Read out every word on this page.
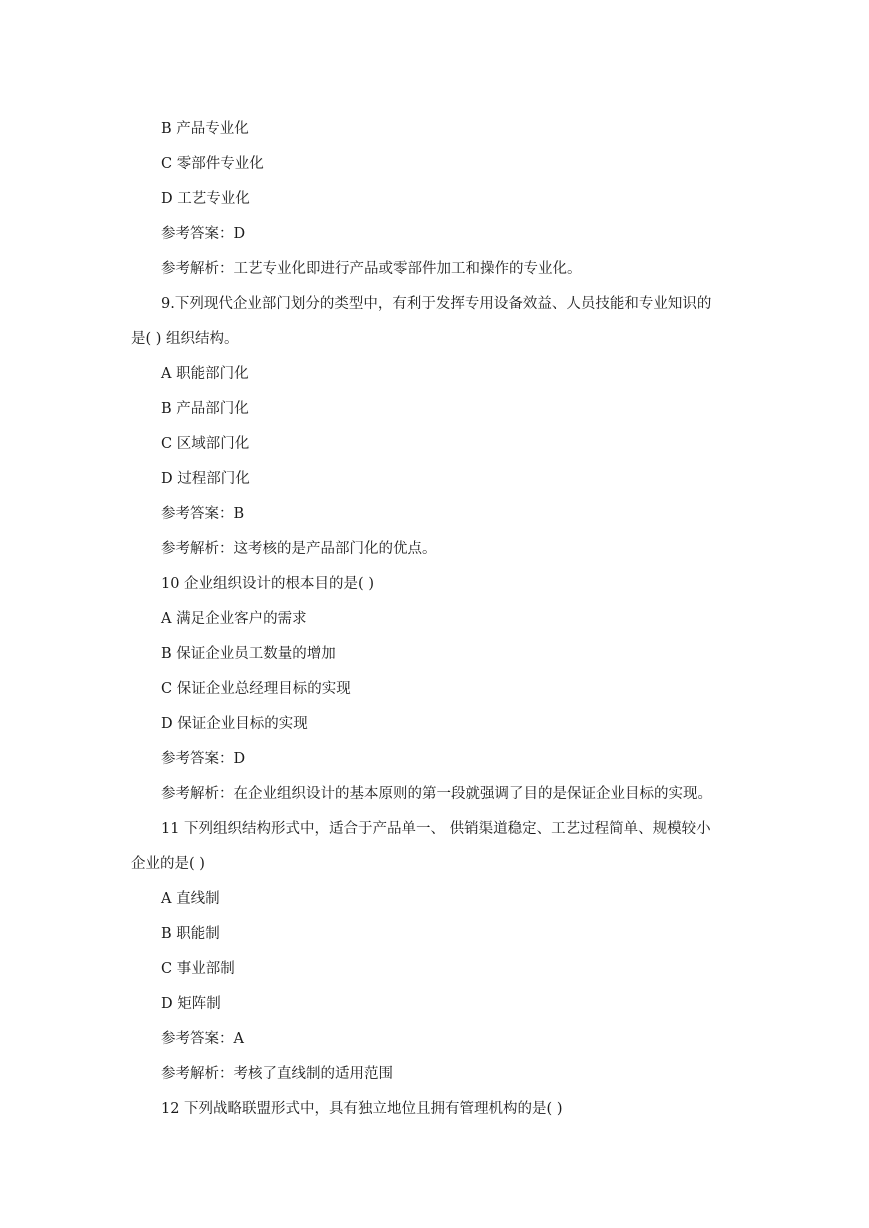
B 产品专业化
C 零部件专业化
D 工艺专业化
参考答案：D
参考解析：工艺专业化即进行产品或零部件加工和操作的专业化。
9.下列现代企业部门划分的类型中，有利于发挥专用设备效益、人员技能和专业知识的
是( ) 组织结构。
A 职能部门化
B 产品部门化
C 区域部门化
D 过程部门化
参考答案：B
参考解析：这考核的是产品部门化的优点。
10 企业组织设计的根本目的是( )
A 满足企业客户的需求
B 保证企业员工数量的增加
C 保证企业总经理目标的实现
D 保证企业目标的实现
参考答案：D
参考解析：在企业组织设计的基本原则的第一段就强调了目的是保证企业目标的实现。
11 下列组织结构形式中，适合于产品单一、 供销渠道稳定、工艺过程简单、规模较小
企业的是( )
A 直线制
B 职能制
C 事业部制
D 矩阵制
参考答案：A
参考解析：考核了直线制的适用范围
12 下列战略联盟形式中，具有独立地位且拥有管理机构的是( )
